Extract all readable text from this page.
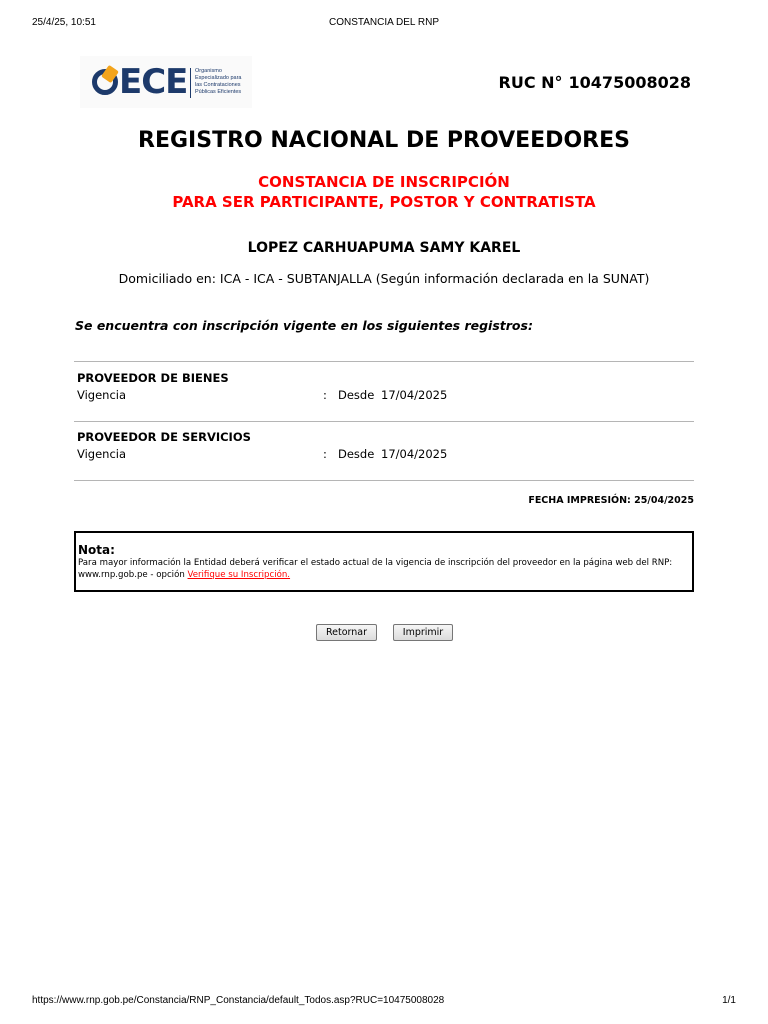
25/4/25, 10:51	CONSTANCIA DEL RNP
ECE Organismo
Especializado para
las Contrataciones
Públicas Eficientes	RUC N° 10475008028
REGISTRO NACIONAL DE PROVEEDORES
CONSTANCIA DE INSCRIPCIÓN
PARA SER PARTICIPANTE, POSTOR Y CONTRATISTA
LOPEZ CARHUAPUMA SAMY KAREL
Domiciliado en: ICA - ICA - SUBTANJALLA (Según información declarada en la SUNAT)
Se encuentra con inscripción vigente en los siguientes registros:
PROVEEDOR DE BIENES
Vigencia	: Desde 17/04/2025
PROVEEDOR DE SERVICIOS
Vigencia	: Desde 17/04/2025
FECHA IMPRESIÓN: 25/04/2025
Nota:
Para mayor información la Entidad deberá verificar el estado actual de la vigencia de inscripción del proveedor en la página web del RNP: www.rnp.gob.pe - opción Verifique su Inscripción.
Retornar	Imprimir
https://www.rnp.gob.pe/Constancia/RNP_Constancia/default_Todos.asp?RUC=10475008028	1/1
